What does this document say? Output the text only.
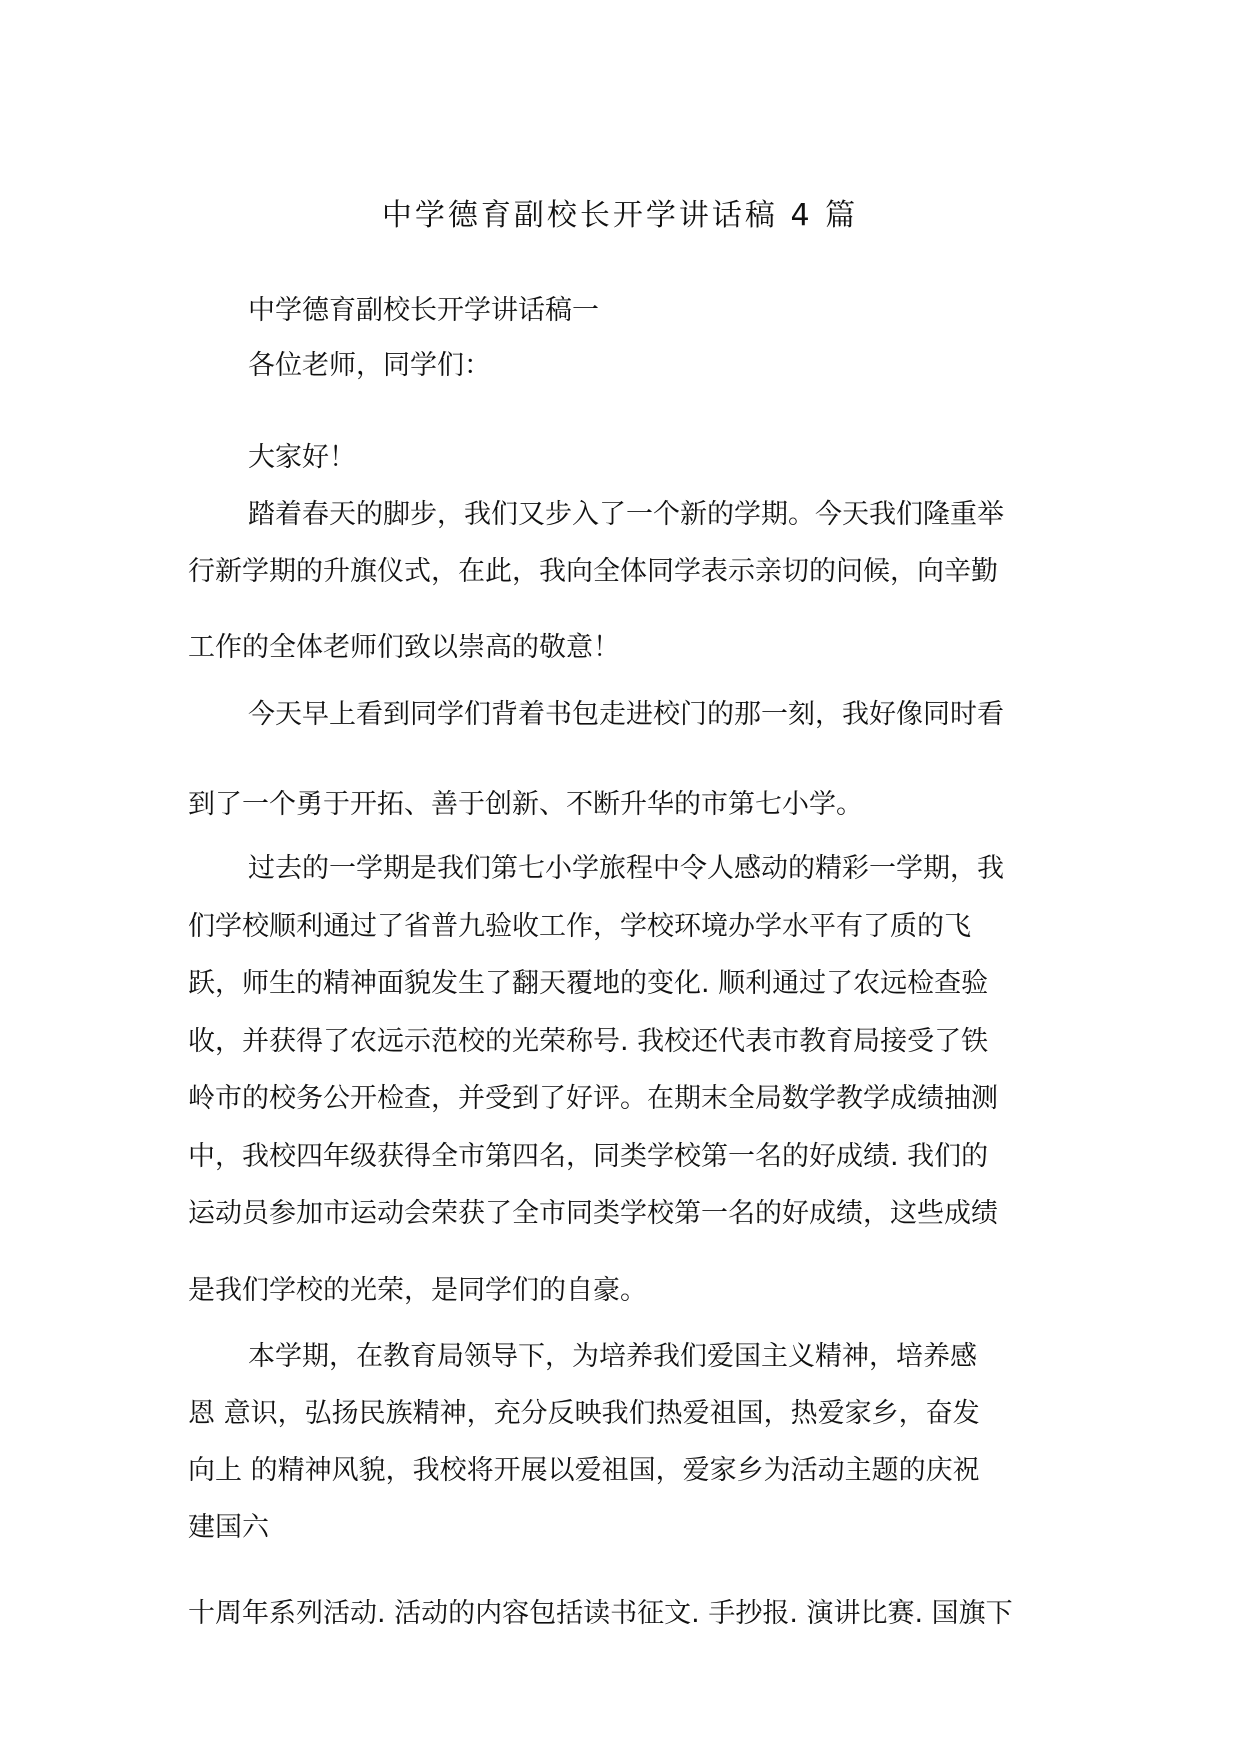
中学德育副校长开学讲话稿 4 篇
中学德育副校长开学讲话稿一
各位老师，同学们：
大家好！
踏着春天的脚步，我们又步入了一个新的学期。今天我们隆重举
行新学期的升旗仪式，在此，我向全体同学表示亲切的问候，向辛勤
工作的全体老师们致以崇高的敬意！
今天早上看到同学们背着书包走进校门的那一刻，我好像同时看
到了一个勇于开拓、善于创新、不断升华的市第七小学。
过去的一学期是我们第七小学旅程中令人感动的精彩一学期，我
们学校顺利通过了省普九验收工作，学校环境办学水平有了质的飞
跃，师生的精神面貌发生了翻天覆地的变化. 顺利通过了农远检查验
收，并获得了农远示范校的光荣称号. 我校还代表市教育局接受了铁
岭市的校务公开检查，并受到了好评。在期末全局数学教学成绩抽测
中，我校四年级获得全市第四名，同类学校第一名的好成绩. 我们的
运动员参加市运动会荣获了全市同类学校第一名的好成绩，这些成绩
是我们学校的光荣，是同学们的自豪。
本学期，在教育局领导下，为培养我们爱国主义精神，培养感
恩 意识，弘扬民族精神，充分反映我们热爱祖国，热爱家乡，奋发
向上 的精神风貌，我校将开展以爱祖国，爱家乡为活动主题的庆祝
建国六
十周年系列活动. 活动的内容包括读书征文. 手抄报. 演讲比赛. 国旗下
